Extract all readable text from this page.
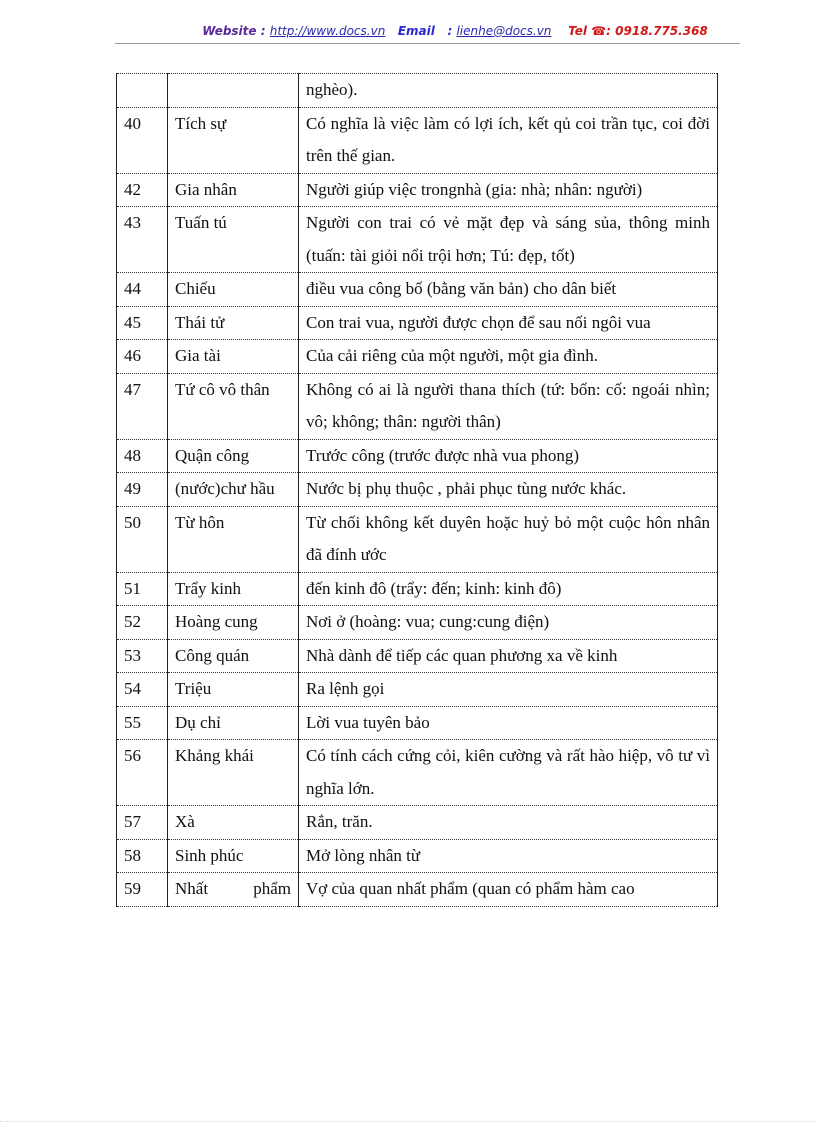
Website : http://www.docs.vn Email : lienhe@docs.vn Tel ☎: 0918.775.368
		nghèo).
40	Tích sự	Có nghĩa là việc làm có lợi ích, kết qủ coi trần tục, coi đời trên thế gian.
42	Gia nhân	Người giúp việc trongnhà (gia: nhà; nhân: người)
43	Tuấn tú	Người con trai có vẻ mặt đẹp và sáng sủa, thông minh (tuấn: tài giỏi nổi trội hơn; Tú: đẹp, tốt)
44	Chiếu	điều vua công bố (bằng văn bản) cho dân biết
45	Thái tử	Con trai vua, người được chọn để sau nối ngôi vua
46	Gia tài	Của cải riêng của một người, một gia đình.
47	Tứ cô vô thân	Không có ai là người thana thích (tứ: bốn: cố: ngoái nhìn; vô; không; thân: người thân)
48	Quận công	Trước công (trước được nhà vua phong)
49	(nước)chư hầu	Nước bị phụ thuộc , phải phục tùng nước khác.
50	Từ hôn	Từ chối không kết duyên hoặc huỷ bỏ một cuộc hôn nhân đã đính ước
51	Trẩy kinh	đến kinh đô (trẩy: đến; kinh: kinh đô)
52	Hoàng cung	Nơi ở (hoàng: vua; cung:cung điện)
53	Công quán	Nhà dành để tiếp các quan phương xa về kinh
54	Triệu	Ra lệnh gọi
55	Dụ chỉ	Lời vua tuyên bảo
56	Khảng khái	Có tính cách cứng cỏi, kiên cường và rất hào hiệp, vô tư vì nghĩa lớn.
57	Xà	Rắn, trăn.
58	Sinh phúc	Mở lòng nhân từ
59	Nhất phẩm	Vợ của quan nhất phẩm (quan có phẩm hàm cao
